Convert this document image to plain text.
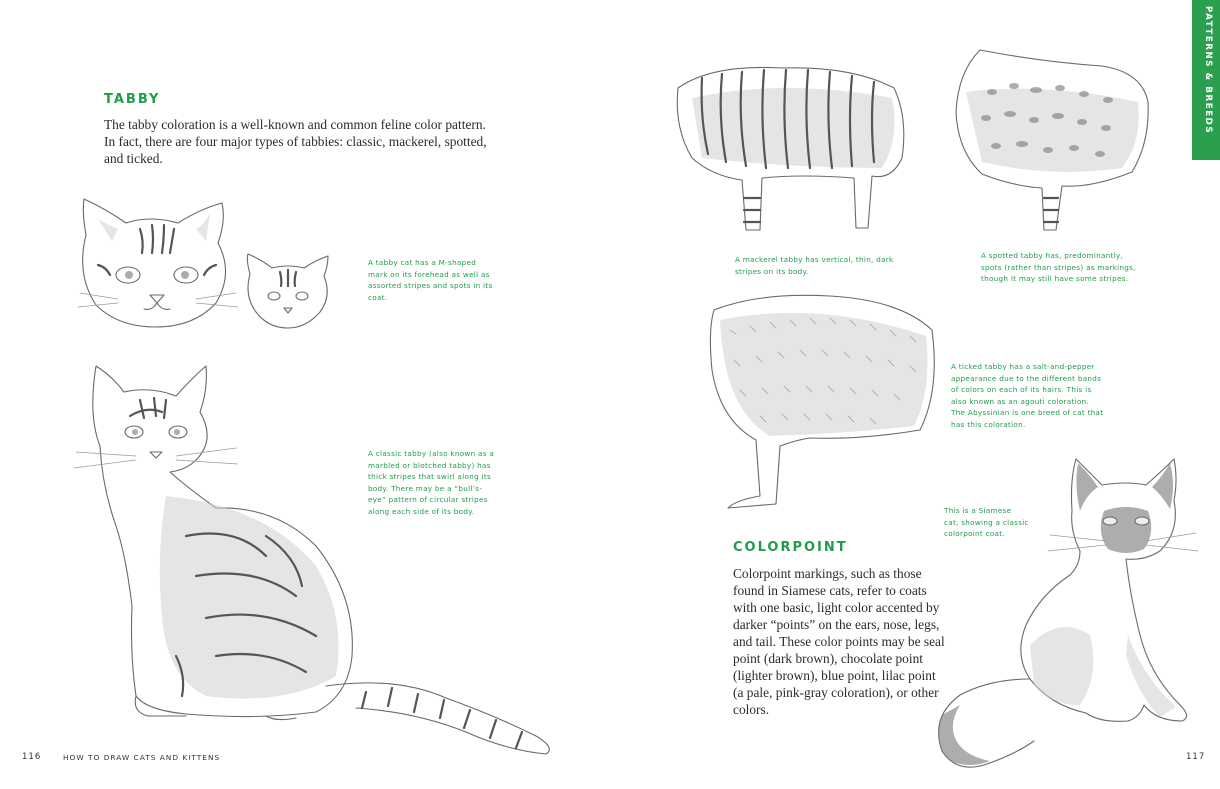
PATTERNS & BREEDS
TABBY
The tabby coloration is a well-known and common feline color pattern.
In fact, there are four major types of tabbies: classic, mackerel, spotted,
and ticked.
A tabby cat has a M-shaped
mark on its forehead as well as
assorted stripes and spots in its
coat.
A classic tabby (also known as a
marbled or blotched tabby) has
thick stripes that swirl along its
body. There may be a “bull’s-
eye” pattern of circular stripes
along each side of its body.
116	HOW TO DRAW CATS AND KITTENS
A mackerel tabby has vertical, thin, dark
stripes on its body.
A spotted tabby has, predominantly,
spots (rather than stripes) as markings,
though it may still have some stripes.
A ticked tabby has a salt-and-pepper
appearance due to the different bands
of colors on each of its hairs. This is
also known as an agouti coloration.
The Abyssinian is one breed of cat that
has this coloration.
This is a Siamese
cat, showing a classic
colorpoint coat.
COLORPOINT
Colorpoint markings, such as those
found in Siamese cats, refer to coats
with one basic, light color accented by
darker “points” on the ears, nose, legs,
and tail. These color points may be seal
point (dark brown), chocolate point
(lighter brown), blue point, lilac point
(a pale, pink-gray coloration), or other
colors.
117
